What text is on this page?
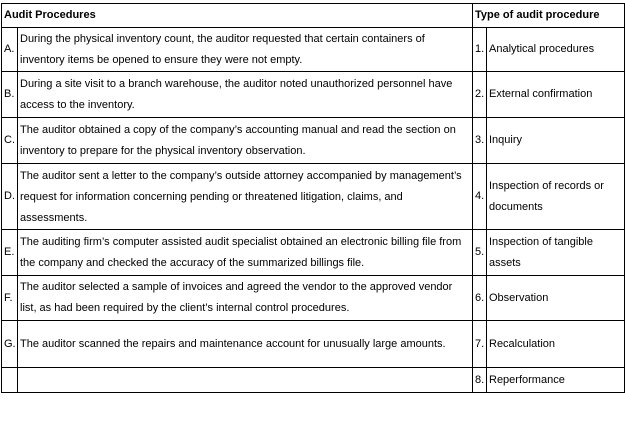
Audit Procedures		Type of audit procedure	
A.	During the physical inventory count, the auditor requested that certain containers of inventory items be opened to ensure they were not empty.	1.	Analytical procedures
B.	During a site visit to a branch warehouse, the auditor noted unauthorized personnel have access to the inventory.	2.	External confirmation
C.	The auditor obtained a copy of the company’s accounting manual and read the section on inventory to prepare for the physical inventory observation.	3.	Inquiry
D.	The auditor sent a letter to the company’s outside attorney accompanied by management’s request for information concerning pending or threatened litigation, claims, and assessments.	4.	Inspection of records or documents
E.	The auditing firm’s computer assisted audit specialist obtained an electronic billing file from the company and checked the accuracy of the summarized billings file.	5.	Inspection of tangible assets
F.	The auditor selected a sample of invoices and agreed the vendor to the approved vendor list, as had been required by the client’s internal control procedures.	6.	Observation
G.	The auditor scanned the repairs and maintenance account for unusually large amounts.	7.	Recalculation
		8.	Reperformance
